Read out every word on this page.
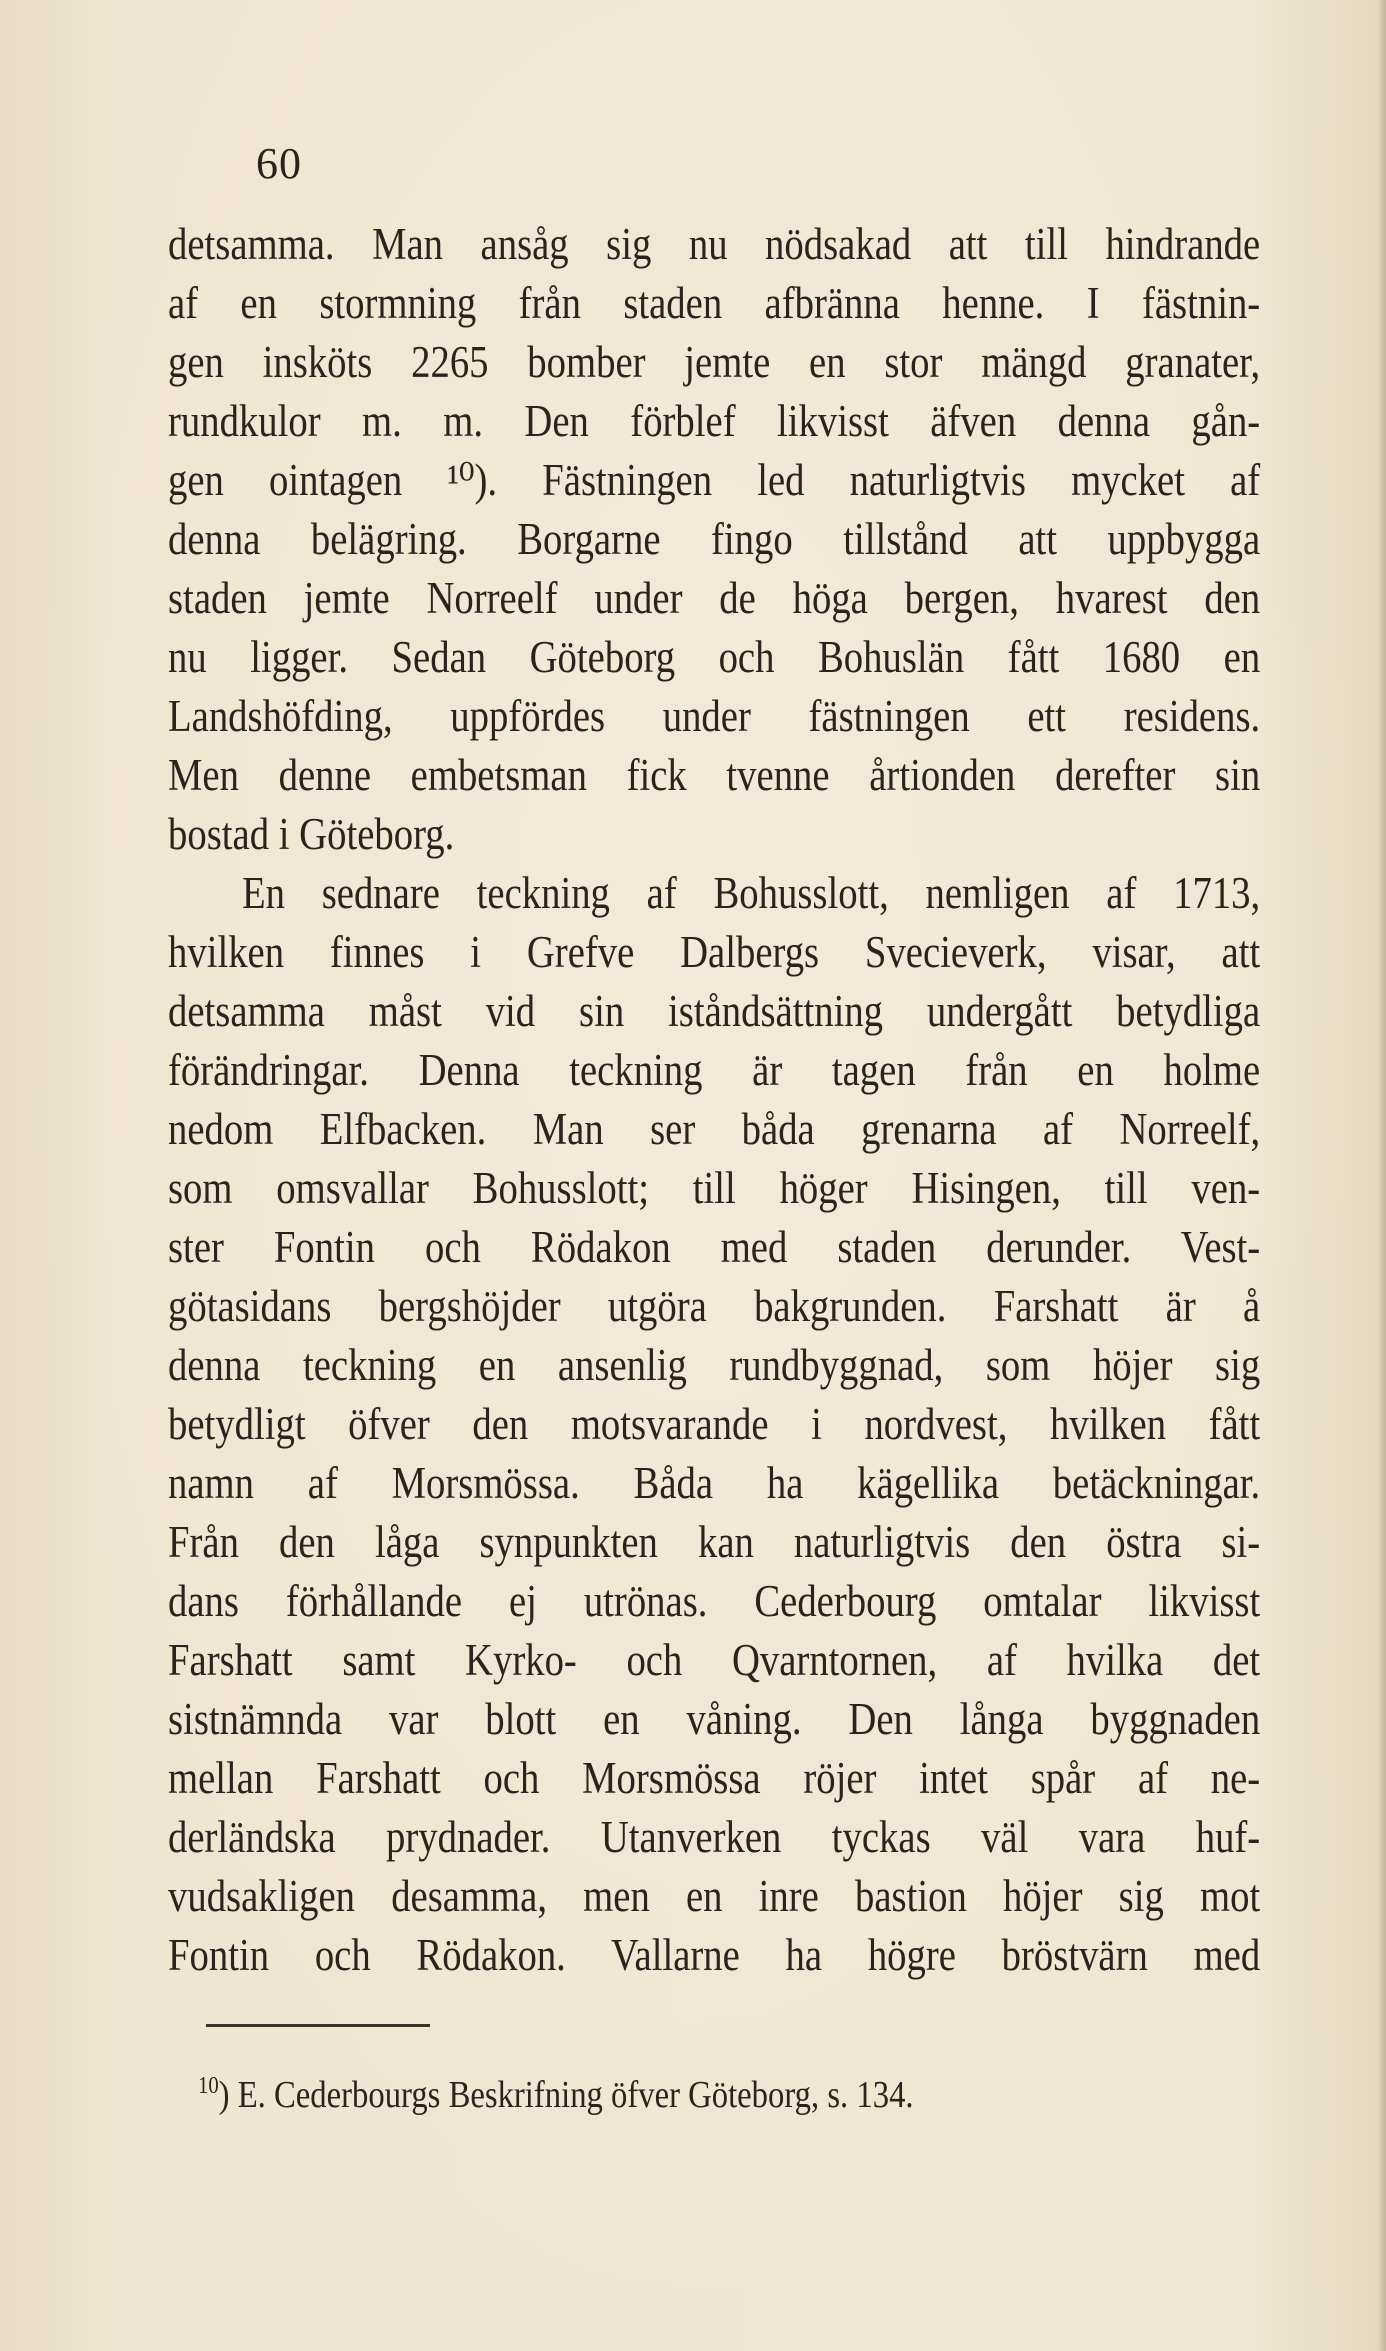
60
detsamma. Man ansåg sig nu nödsakad att till hindrande
af en stormning från staden afbränna henne. I fästnin-
gen insköts 2265 bomber jemte en stor mängd granater,
rundkulor m. m. Den förblef likvisst äfven denna gån-
gen ointagen ¹⁰). Fästningen led naturligtvis mycket af
denna belägring. Borgarne fingo tillstånd att uppbygga
staden jemte Norreelf under de höga bergen, hvarest den
nu ligger. Sedan Göteborg och Bohuslän fått 1680 en
Landshöfding, uppfördes under fästningen ett residens.
Men denne embetsman fick tvenne årtionden derefter sin
bostad i Göteborg.
En sednare teckning af Bohusslott, nemligen af 1713,
hvilken finnes i Grefve Dalbergs Svecieverk, visar, att
detsamma måst vid sin iståndsättning undergått betydliga
förändringar. Denna teckning är tagen från en holme
nedom Elfbacken. Man ser båda grenarna af Norreelf,
som omsvallar Bohusslott; till höger Hisingen, till ven-
ster Fontin och Rödakon med staden derunder. Vest-
götasidans bergshöjder utgöra bakgrunden. Farshatt är å
denna teckning en ansenlig rundbyggnad, som höjer sig
betydligt öfver den motsvarande i nordvest, hvilken fått
namn af Morsmössa. Båda ha kägellika betäckningar.
Från den låga synpunkten kan naturligtvis den östra si-
dans förhållande ej utrönas. Cederbourg omtalar likvisst
Farshatt samt Kyrko- och Qvarntornen, af hvilka det
sistnämnda var blott en våning. Den långa byggnaden
mellan Farshatt och Morsmössa röjer intet spår af ne-
derländska prydnader. Utanverken tyckas väl vara huf-
vudsakligen desamma, men en inre bastion höjer sig mot
Fontin och Rödakon. Vallarne ha högre bröstvärn med
$^{10}$) E. Cederbourgs Beskrifning öfver Göteborg, s. 134.
